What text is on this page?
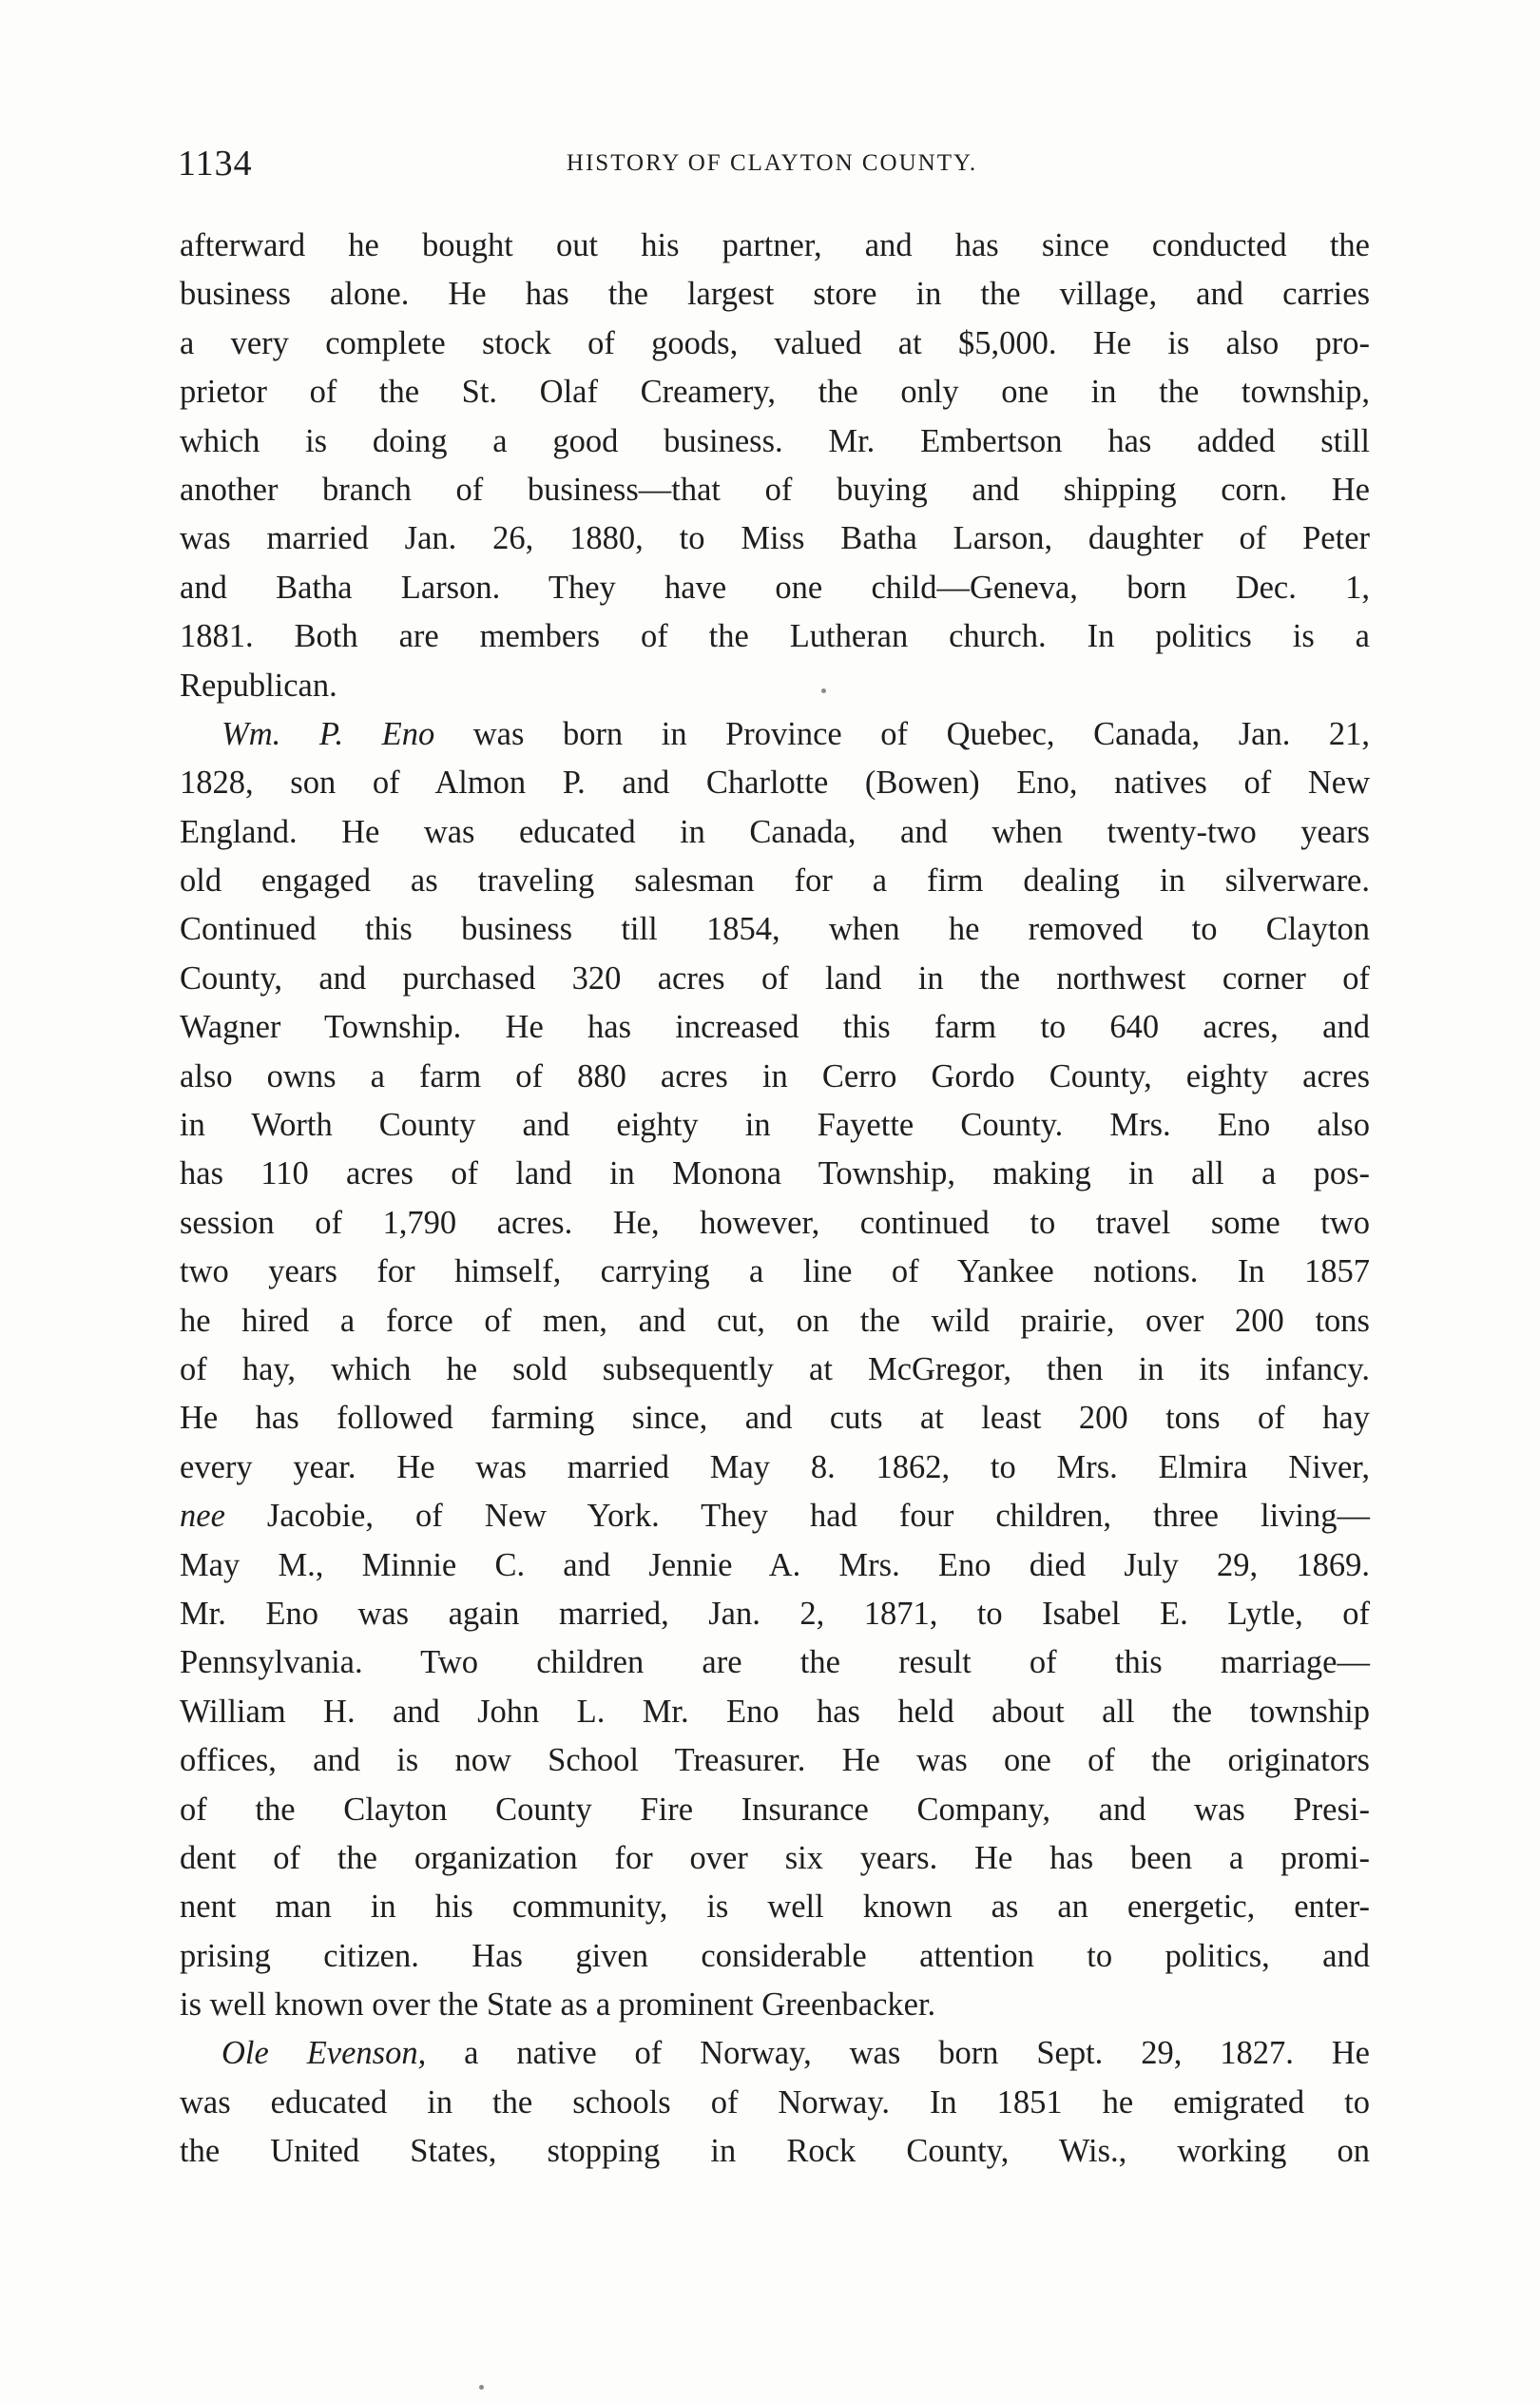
1134	HISTORY OF CLAYTON COUNTY.
afterward he bought out his partner, and has since conducted the
business alone. He has the largest store in the village, and carries
a very complete stock of goods, valued at $5,000. He is also pro-
prietor of the St. Olaf Creamery, the only one in the township,
which is doing a good business. Mr. Embertson has added still
another branch of business—that of buying and shipping corn. He
was married Jan. 26, 1880, to Miss Batha Larson, daughter of Peter
and Batha Larson. They have one child—Geneva, born Dec. 1,
1881. Both are members of the Lutheran church. In politics is a
Republican.
Wm. P. Eno was born in Province of Quebec, Canada, Jan. 21,
1828, son of Almon P. and Charlotte (Bowen) Eno, natives of New
England. He was educated in Canada, and when twenty-two years
old engaged as traveling salesman for a firm dealing in silverware.
Continued this business till 1854, when he removed to Clayton
County, and purchased 320 acres of land in the northwest corner of
Wagner Township. He has increased this farm to 640 acres, and
also owns a farm of 880 acres in Cerro Gordo County, eighty acres
in Worth County and eighty in Fayette County. Mrs. Eno also
has 110 acres of land in Monona Township, making in all a pos-
session of 1,790 acres. He, however, continued to travel some two
two years for himself, carrying a line of Yankee notions. In 1857
he hired a force of men, and cut, on the wild prairie, over 200 tons
of hay, which he sold subsequently at McGregor, then in its infancy.
He has followed farming since, and cuts at least 200 tons of hay
every year. He was married May 8. 1862, to Mrs. Elmira Niver,
nee Jacobie, of New York. They had four children, three living—
May M., Minnie C. and Jennie A. Mrs. Eno died July 29, 1869.
Mr. Eno was again married, Jan. 2, 1871, to Isabel E. Lytle, of
Pennsylvania. Two children are the result of this marriage—
William H. and John L. Mr. Eno has held about all the township
offices, and is now School Treasurer. He was one of the originators
of the Clayton County Fire Insurance Company, and was Presi-
dent of the organization for over six years. He has been a promi-
nent man in his community, is well known as an energetic, enter-
prising citizen. Has given considerable attention to politics, and
is well known over the State as a prominent Greenbacker.
Ole Evenson, a native of Norway, was born Sept. 29, 1827. He
was educated in the schools of Norway. In 1851 he emigrated to
the United States, stopping in Rock County, Wis., working on
